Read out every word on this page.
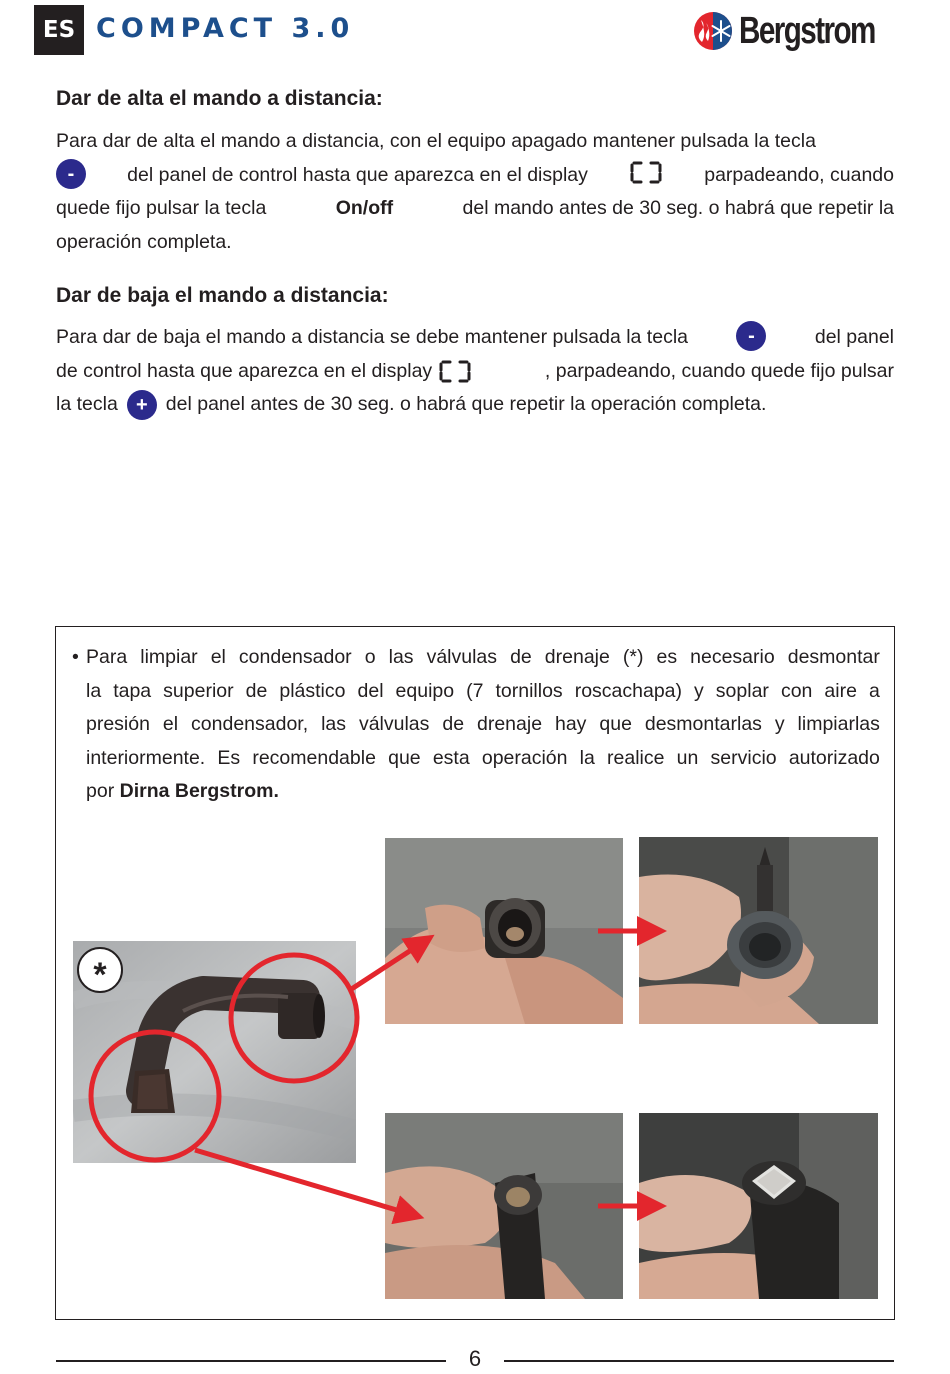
ES COMPACT 3.0	Bergstrom
Dar de alta el mando a distancia:
Para dar de alta el mando a distancia, con el equipo apagado mantener pulsada la tecla
-	del panel de control hasta que aparezca en el display	parpadeando, cuando
quede fijo pulsar la tecla	On/off	del mando antes de 30 seg. o habrá que repetir la
operación completa.
Dar de baja el mando a distancia:
Para dar de baja el mando a distancia se debe mantener pulsada la tecla	-	del panel
de control hasta que aparezca en el display	, parpadeando, cuando quede fijo pulsar
la tecla + del panel antes de 30 seg. o habrá que repetir la operación completa.
• Para limpiar el condensador o las válvulas de drenaje (*) es necesario desmontar
la tapa superior de plástico del equipo (7 tornillos roscachapa) y soplar con aire a
presión el condensador, las válvulas de drenaje hay que desmontarlas y limpiarlas
interiormente. Es recomendable que esta operación la realice un servicio autorizado
por Dirna Bergstrom.
*
6
